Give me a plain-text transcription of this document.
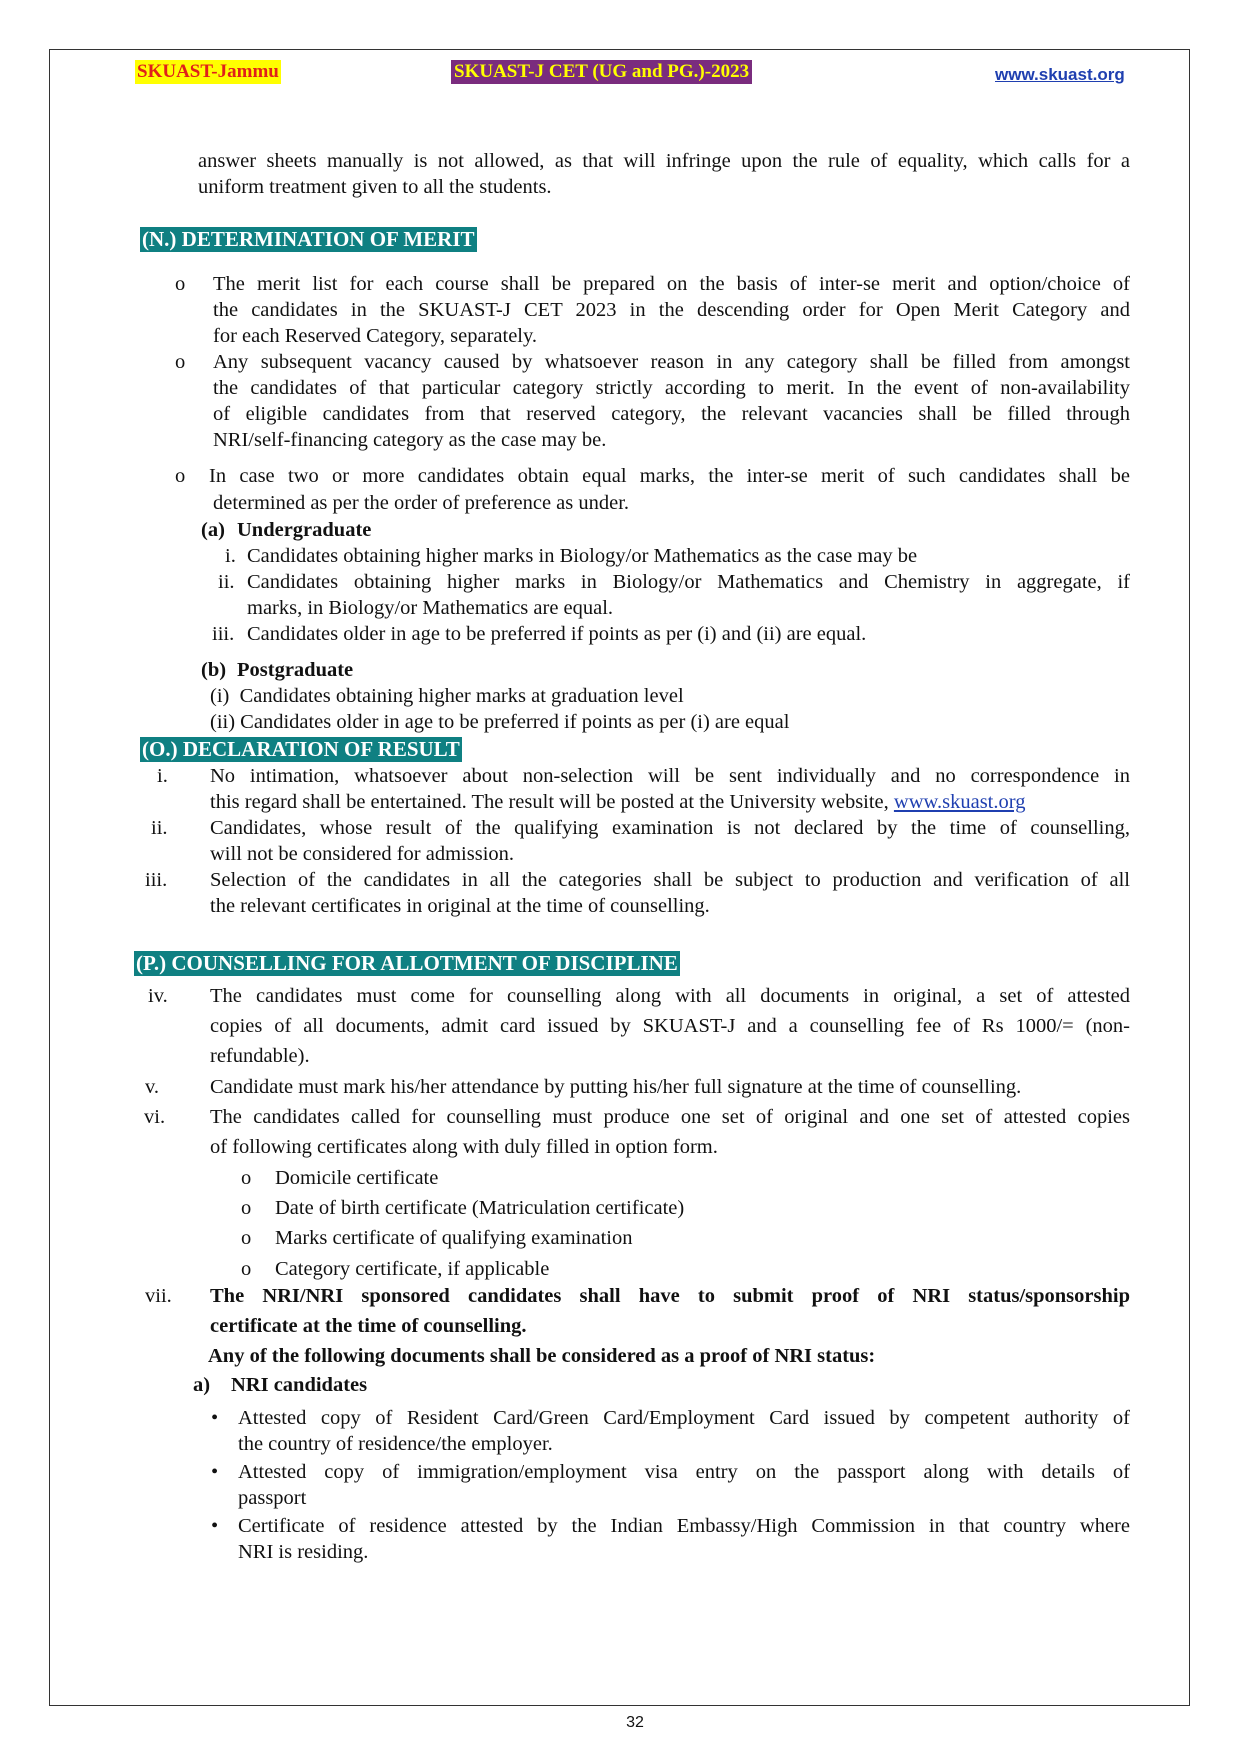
SKUAST-Jammu	SKUAST-J CET (UG and PG.)-2023	www.skuast.org
answer sheets manually is not allowed, as that will infringe upon the rule of equality, which calls for a
uniform treatment given to all the students.
(N.) DETERMINATION OF MERIT
o The merit list for each course shall be prepared on the basis of inter-se merit and option/choice of
the candidates in the SKUAST-J CET 2023 in the descending order for Open Merit Category and
for each Reserved Category, separately.
o Any subsequent vacancy caused by whatsoever reason in any category shall be filled from amongst
the candidates of that particular category strictly according to merit. In the event of non-availability
of eligible candidates from that reserved category, the relevant vacancies shall be filled through
NRI/self-financing category as the case may be.
o In case two or more candidates obtain equal marks, the inter-se merit of such candidates shall be
determined as per the order of preference as under.
(a) Undergraduate
i. Candidates obtaining higher marks in Biology/or Mathematics as the case may be
ii. Candidates obtaining higher marks in Biology/or Mathematics and Chemistry in aggregate, if
marks, in Biology/or Mathematics are equal.
iii. Candidates older in age to be preferred if points as per (i) and (ii) are equal.
(b) Postgraduate
(i)  Candidates obtaining higher marks at graduation level
(ii) Candidates older in age to be preferred if points as per (i) are equal
(O.) DECLARATION OF RESULT
i. No intimation, whatsoever about non-selection will be sent individually and no correspondence in
this regard shall be entertained. The result will be posted at the University website, www.skuast.org
ii. Candidates, whose result of the qualifying examination is not declared by the time of counselling,
will not be considered for admission.
iii. Selection of the candidates in all the categories shall be subject to production and verification of all
the relevant certificates in original at the time of counselling.
(P.) COUNSELLING FOR ALLOTMENT OF DISCIPLINE
iv. The candidates must come for counselling along with all documents in original, a set of attested
copies of all documents, admit card issued by SKUAST-J and a counselling fee of Rs 1000/= (non-
refundable).
v. Candidate must mark his/her attendance by putting his/her full signature at the time of counselling.
vi. The candidates called for counselling must produce one set of original and one set of attested copies
of following certificates along with duly filled in option form.
o Domicile certificate
o Date of birth certificate (Matriculation certificate)
o Marks certificate of qualifying examination
o Category certificate, if applicable
vii. The NRI/NRI sponsored candidates shall have to submit proof of NRI status/sponsorship
certificate at the time of counselling.
Any of the following documents shall be considered as a proof of NRI status:
a) NRI candidates
• Attested copy of Resident Card/Green Card/Employment Card issued by competent authority of
the country of residence/the employer.
• Attested copy of immigration/employment visa entry on the passport along with details of
passport
• Certificate of residence attested by the Indian Embassy/High Commission in that country where
NRI is residing.
32
